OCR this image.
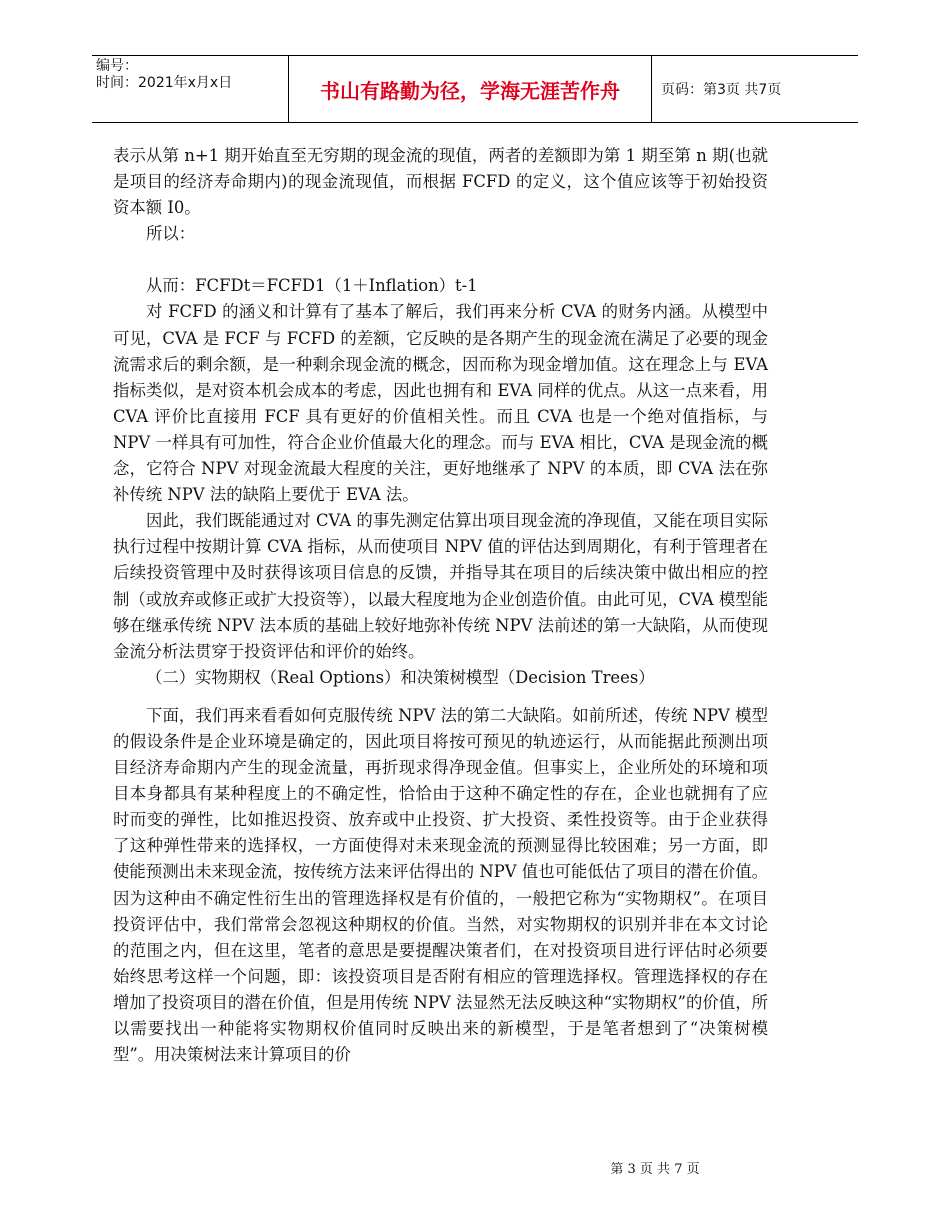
编号：
时间：2021年x月x日	书山有路勤为径，学海无涯苦作舟	页码：第3页 共7页

表示从第 n+1 期开始直至无穷期的现金流的现值，两者的差额即为第 1 期至第 n 期(也就是项目的经济寿命期内)的现金流现值，而根据 FCFD 的定义，这个值应该等于初始投资资本额 I0。

所以：

从而：FCFDt＝FCFD1（1＋Inflation）t-1

对 FCFD 的涵义和计算有了基本了解后，我们再来分析 CVA 的财务内涵。从模型中可见，CVA 是 FCF 与 FCFD 的差额，它反映的是各期产生的现金流在满足了必要的现金流需求后的剩余额，是一种剩余现金流的概念，因而称为现金增加值。这在理念上与 EVA 指标类似，是对资本机会成本的考虑，因此也拥有和 EVA 同样的优点。从这一点来看，用 CVA 评价比直接用 FCF 具有更好的价值相关性。而且 CVA 也是一个绝对值指标，与 NPV 一样具有可加性，符合企业价值最大化的理念。而与 EVA 相比，CVA 是现金流的概念，它符合 NPV 对现金流最大程度的关注，更好地继承了 NPV 的本质，即 CVA 法在弥补传统 NPV 法的缺陷上要优于 EVA 法。

因此，我们既能通过对 CVA 的事先测定估算出项目现金流的净现值，又能在项目实际执行过程中按期计算 CVA 指标，从而使项目 NPV 值的评估达到周期化，有利于管理者在后续投资管理中及时获得该项目信息的反馈，并指导其在项目的后续决策中做出相应的控制（或放弃或修正或扩大投资等），以最大程度地为企业创造价值。由此可见，CVA 模型能够在继承传统 NPV 法本质的基础上较好地弥补传统 NPV 法前述的第一大缺陷，从而使现金流分析法贯穿于投资评估和评价的始终。

（二）实物期权（Real Options）和决策树模型（Decision Trees）

下面，我们再来看看如何克服传统 NPV 法的第二大缺陷。如前所述，传统 NPV 模型的假设条件是企业环境是确定的，因此项目将按可预见的轨迹运行，从而能据此预测出项目经济寿命期内产生的现金流量，再折现求得净现金值。但事实上，企业所处的环境和项目本身都具有某种程度上的不确定性，恰恰由于这种不确定性的存在，企业也就拥有了应时而变的弹性，比如推迟投资、放弃或中止投资、扩大投资、柔性投资等。由于企业获得了这种弹性带来的选择权，一方面使得对未来现金流的预测显得比较困难；另一方面，即使能预测出未来现金流，按传统方法来评估得出的 NPV 值也可能低估了项目的潜在价值。因为这种由不确定性衍生出的管理选择权是有价值的，一般把它称为“实物期权”。在项目投资评估中，我们常常会忽视这种期权的价值。当然，对实物期权的识别并非在本文讨论的范围之内，但在这里，笔者的意思是要提醒决策者们，在对投资项目进行评估时必须要始终思考这样一个问题，即：该投资项目是否附有相应的管理选择权。管理选择权的存在增加了投资项目的潜在价值，但是用传统 NPV 法显然无法反映这种“实物期权”的价值，所以需要找出一种能将实物期权价值同时反映出来的新模型，于是笔者想到了“决策树模型”。用决策树法来计算项目的价

第 3 页 共 7 页
